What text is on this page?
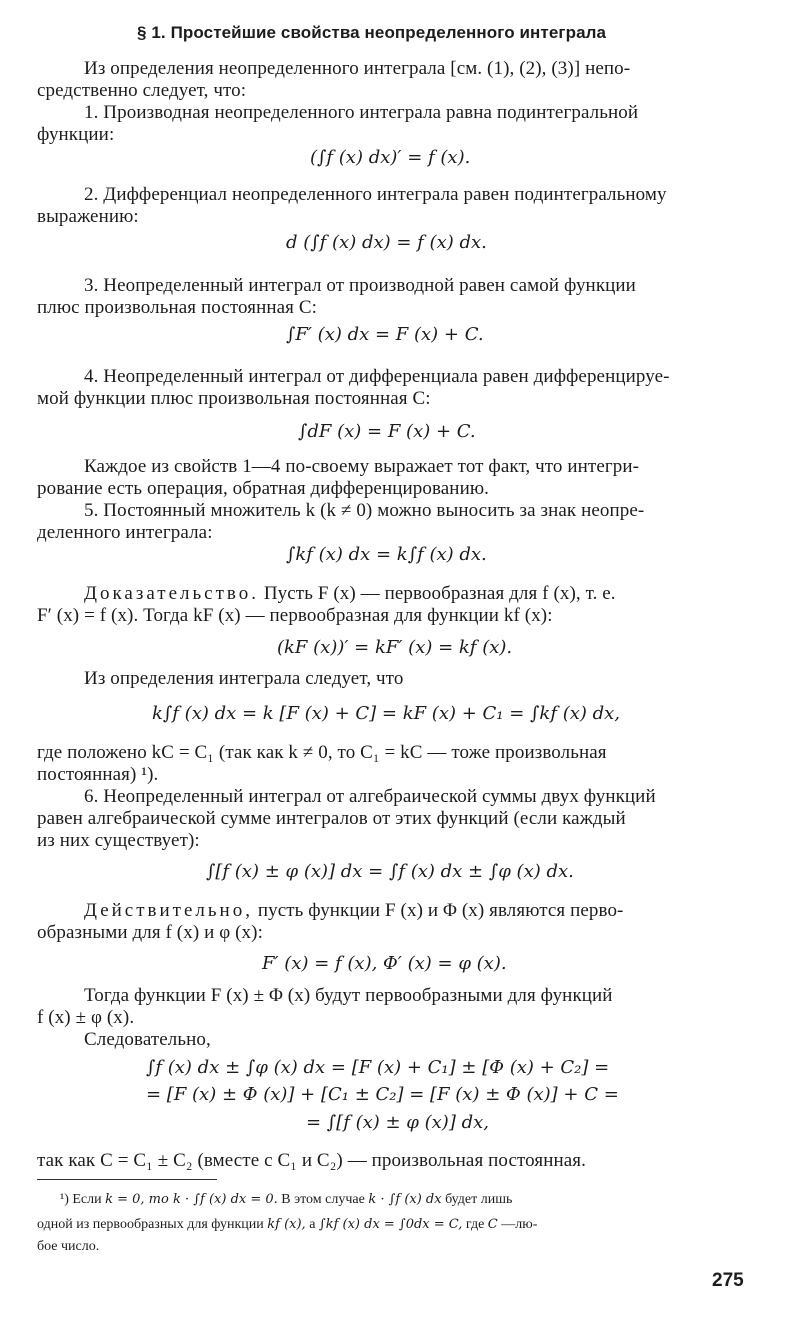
§ 1. Простейшие свойства неопределенного интеграла

Из определения неопределенного интеграла [см. (1), (2), (3)] непо-

средственно следует, что:

1. Производная неопределенного интеграла равна подинтегральной

функции:

(∫f (x) dx)′ = f (x).

2. Дифференциал неопределенного интеграла равен подинтегральному

выражению:

d (∫f (x) dx) = f (x) dx.

3. Неопределенный интеграл от производной равен самой функции

плюс произвольная постоянная C:

∫F′ (x) dx = F (x) + C.

4. Неопределенный интеграл от дифференциала равен дифференцируе-

мой функции плюс произвольная постоянная C:

∫dF (x) = F (x) + C.

Каждое из свойств 1—4 по-своему выражает тот факт, что интегри-

рование есть операция, обратная дифференцированию.

5. Постоянный множитель k (k ≠ 0) можно выносить за знак неопре-

деленного интеграла:

∫kf (x) dx = k∫f (x) dx.

Доказательство. Пусть F (x) — первообразная для f (x), т. е.

F′ (x) = f (x). Тогда kF (x) — первообразная для функции kf (x):

(kF (x))′ = kF′ (x) = kf (x).

Из определения интеграла следует, что

k∫f (x) dx = k [F (x) + C] = kF (x) + C₁ = ∫kf (x) dx,

где положено kC = C₁ (так как k ≠ 0, то C₁ = kC — тоже произвольная

постоянная) ¹).

6. Неопределенный интеграл от алгебраической суммы двух функций

равен алгебраической сумме интегралов от этих функций (если каждый

из них существует):

∫[f (x) ± φ (x)] dx = ∫f (x) dx ± ∫φ (x) dx.

Действительно, пусть функции F (x) и Φ (x) являются перво-

образными для f (x) и φ (x):

F′ (x) = f (x), Φ′ (x) = φ (x).

Тогда функции F (x) ± Φ (x) будут первообразными для функций

f (x) ± φ (x).

Следовательно,

∫f (x) dx ± ∫φ (x) dx = [F (x) + C₁] ± [Φ (x) + C₂] =

= [F (x) ± Φ (x)] + [C₁ ± C₂] = [F (x) ± Φ (x)] + C =

= ∫[f (x) ± φ (x)] dx,

так как C = C₁ ± C₂ (вместе с C₁ и C₂) — произвольная постоянная.

¹) Если k = 0, то k · ∫f (x) dx = 0. В этом случае k · ∫f (x) dx будет лишь

одной из первообразных для функции kf (x), а ∫kf (x) dx = ∫0dx = C, где C —лю-

бое число.

275
